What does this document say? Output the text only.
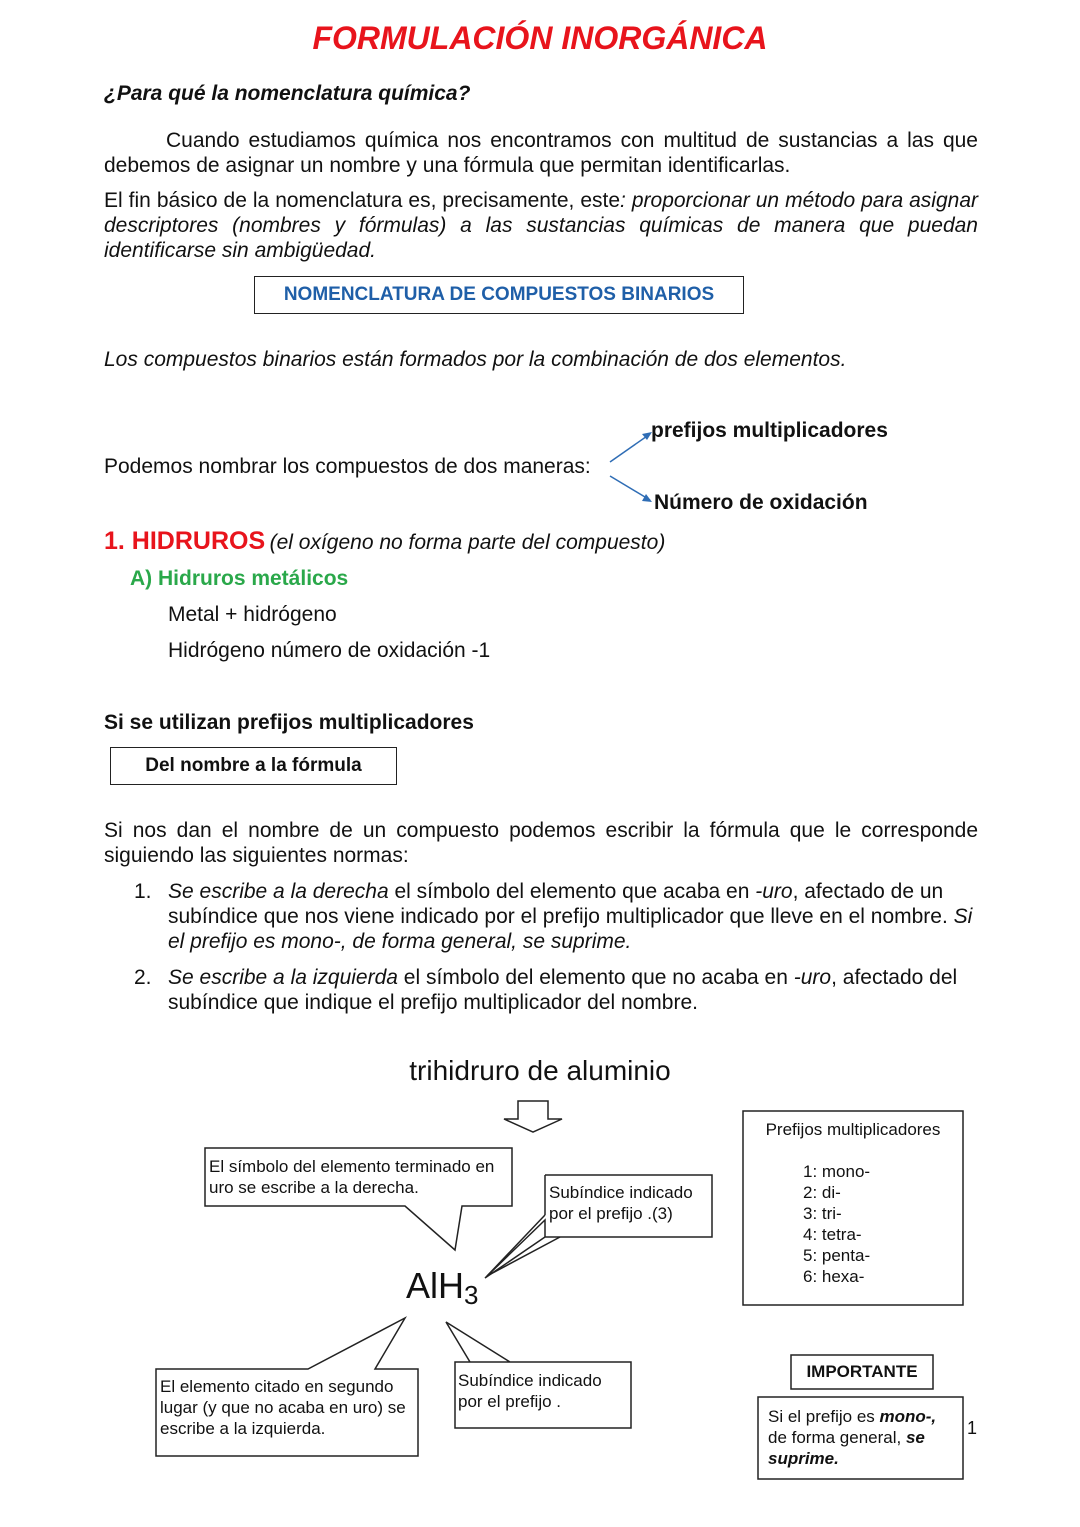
FORMULACIÓN INORGÁNICA
¿Para qué la nomenclatura química?
Cuando estudiamos química nos encontramos con multitud de sustancias a las que debemos de asignar un nombre y una fórmula que permitan identificarlas.
El fin básico de la nomenclatura es, precisamente, este: proporcionar un método para asignar descriptores (nombres y fórmulas) a las sustancias químicas de manera que puedan identificarse sin ambigüedad.
NOMENCLATURA DE COMPUESTOS BINARIOS
Los compuestos binarios están formados por la combinación de dos elementos.
Podemos nombrar los compuestos de dos maneras:
prefijos multiplicadores
Número de oxidación
1. HIDRUROS (el oxígeno no forma parte del compuesto)
A) Hidruros metálicos
Metal + hidrógeno
Hidrógeno número de oxidación -1
Si se utilizan prefijos multiplicadores
Del nombre a la fórmula
Si nos dan el nombre de un compuesto podemos escribir la fórmula que le corresponde siguiendo las siguientes normas:
1. Se escribe a la derecha el símbolo del elemento que acaba en -uro, afectado de un subíndice que nos viene indicado por el prefijo multiplicador que lleve en el nombre. Si el prefijo es mono-, de forma general, se suprime.
2. Se escribe a la izquierda el símbolo del elemento que no acaba en -uro, afectado del subíndice que indique el prefijo multiplicador del nombre.
trihidruro de aluminio
AlH3
El símbolo del elemento terminado en uro se escribe a la derecha.	Subíndice indicado por el prefijo .(3)
El elemento citado en segundo lugar (y que no acaba en uro) se escribe a la izquierda.
Subíndice indicado por el prefijo .
Prefijos multiplicadores
1: mono-
2: di-
3: tri-
4: tetra-
5: penta-
6: hexa-
IMPORTANTE
Si el prefijo es mono-, de forma general, se suprime.
1
